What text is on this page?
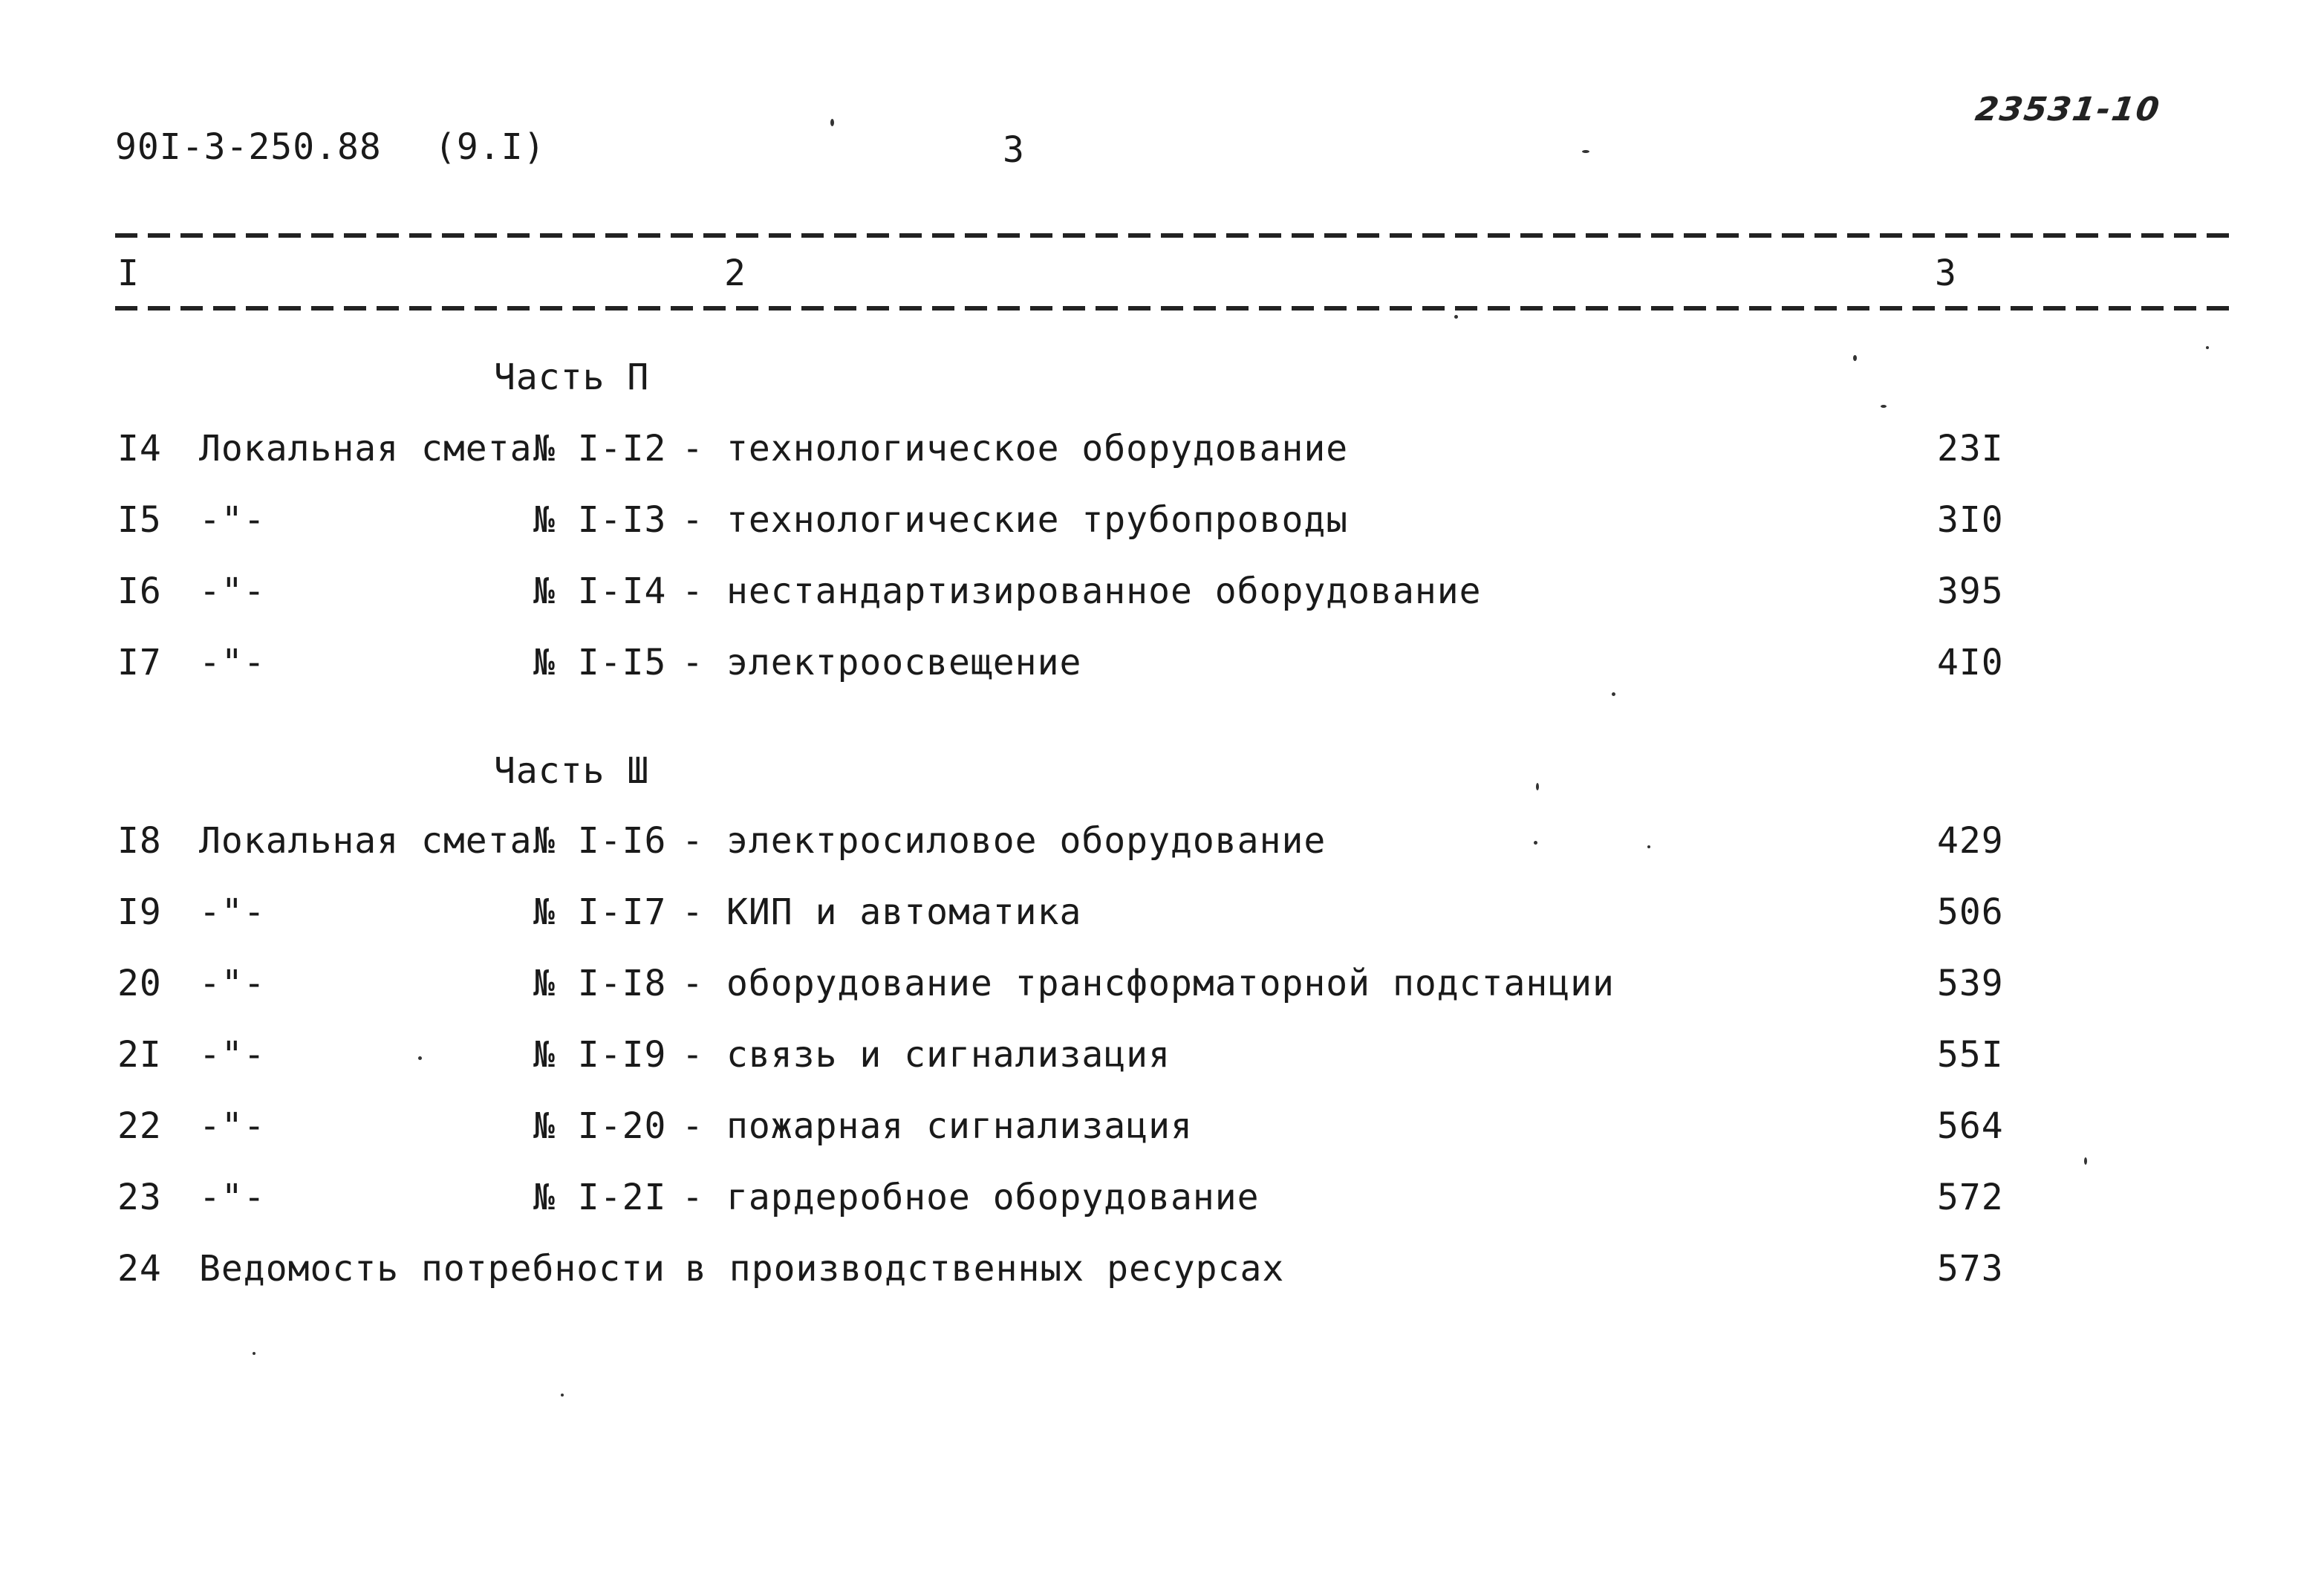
90I-3-250.88 (9.I)	3
23531-10
I	2	3
Часть П
I4 Локальная смета № I-I2 - технологическое оборудование	23I
I5 -"-	№ I-I3 - технологические трубопроводы	3I0
I6 -"-	№ I-I4 - нестандартизированное оборудование	395
I7 -"-	№ I-I5 - электроосвещение	4I0
Часть Ш
I8 Локальная смета № I-I6 - электросиловое оборудование	429
I9 -"-	№ I-I7 - КИП и автоматика	506
20 -"-	№ I-I8 - оборудование трансформаторной подстанции	539
2I -"-	№ I-I9 - связь и сигнализация	55I
22 -"-	№ I-20 - пожарная сигнализация	564
23 -"-	№ I-2I - гардеробное оборудование	572
24 Ведомость потребности в производственных ресурсах	573
